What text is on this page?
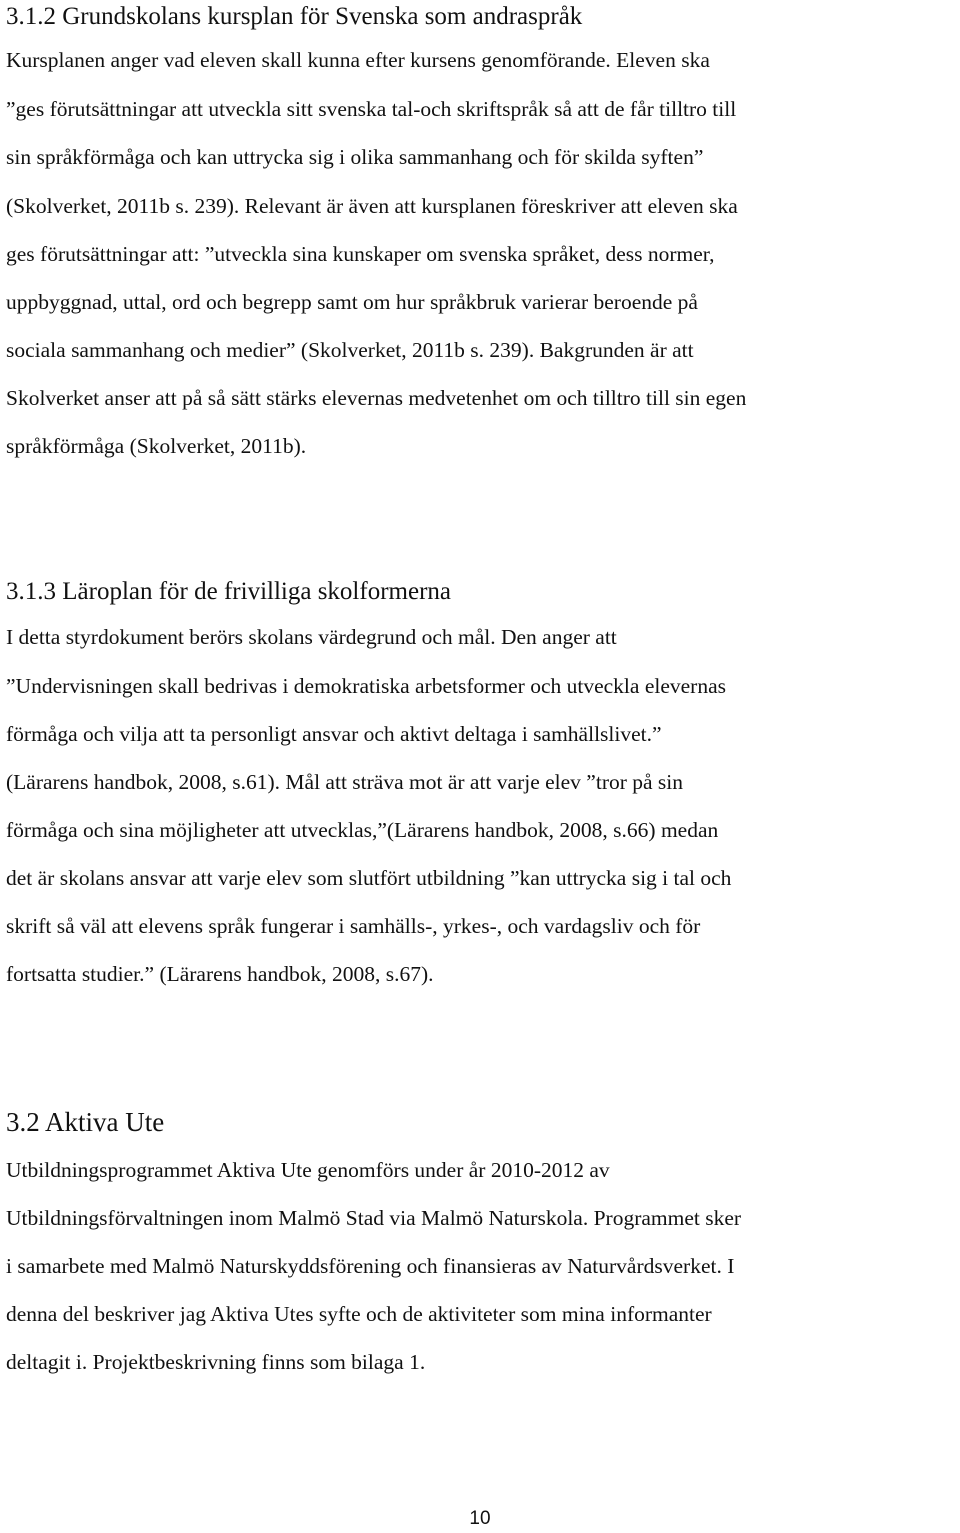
3.1.2 Grundskolans kursplan för Svenska som andraspråk
Kursplanen anger vad eleven skall kunna efter kursens genomförande. Eleven ska
”ges förutsättningar att utveckla sitt svenska tal-och skriftspråk så att de får tilltro till
sin språkförmåga och kan uttrycka sig i olika sammanhang och för skilda syften”
(Skolverket, 2011b s. 239). Relevant är även att kursplanen föreskriver att eleven ska
ges förutsättningar att: ”utveckla sina kunskaper om svenska språket, dess normer,
uppbyggnad, uttal, ord och begrepp samt om hur språkbruk varierar beroende på
sociala sammanhang och medier” (Skolverket, 2011b s. 239). Bakgrunden är att
Skolverket anser att på så sätt stärks elevernas medvetenhet om och tilltro till sin egen
språkförmåga (Skolverket, 2011b).
3.1.3 Läroplan för de frivilliga skolformerna
I detta styrdokument berörs skolans värdegrund och mål. Den anger att
”Undervisningen skall bedrivas i demokratiska arbetsformer och utveckla elevernas
förmåga och vilja att ta personligt ansvar och aktivt deltaga i samhällslivet.”
(Lärarens handbok, 2008, s.61). Mål att sträva mot är att varje elev ”tror på sin
förmåga och sina möjligheter att utvecklas,”(Lärarens handbok, 2008, s.66) medan
det är skolans ansvar att varje elev som slutfört utbildning ”kan uttrycka sig i tal och
skrift så väl att elevens språk fungerar i samhälls-, yrkes-, och vardagsliv och för
fortsatta studier.” (Lärarens handbok, 2008, s.67).
3.2 Aktiva Ute
Utbildningsprogrammet Aktiva Ute genomförs under år 2010-2012 av
Utbildningsförvaltningen inom Malmö Stad via Malmö Naturskola. Programmet sker
i samarbete med Malmö Naturskyddsförening och finansieras av Naturvårdsverket. I
denna del beskriver jag Aktiva Utes syfte och de aktiviteter som mina informanter
deltagit i. Projektbeskrivning finns som bilaga 1.
10
